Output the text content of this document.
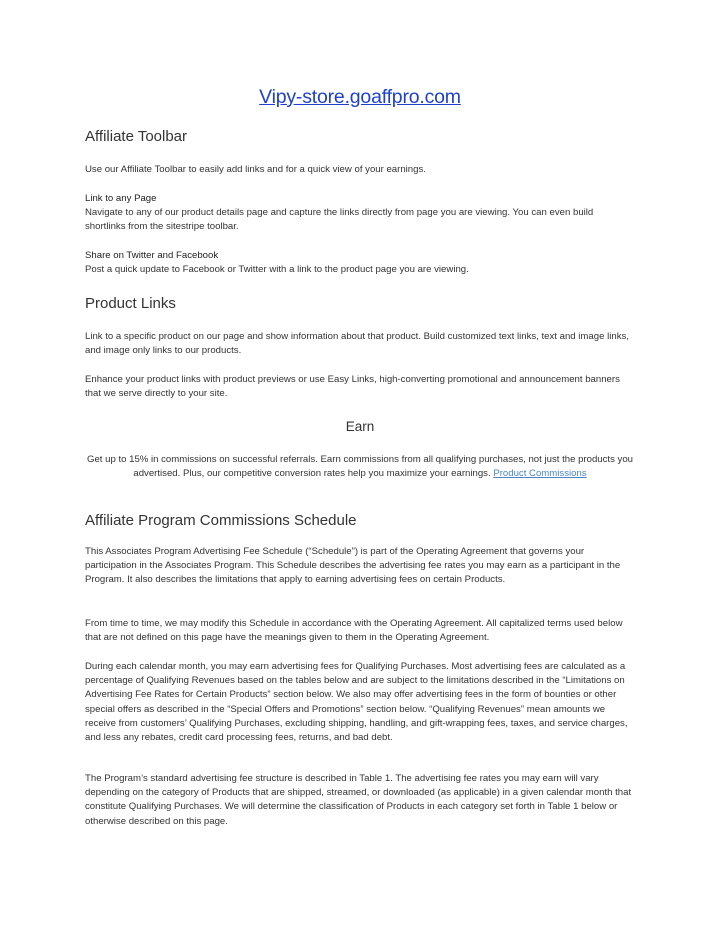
Vipy-store.goaffpro.com
Affiliate Toolbar

Use our Affiliate Toolbar to easily add links and for a quick view of your earnings.

Link to any Page

Navigate to any of our product details page and capture the links directly from page you are viewing. You can even build shortlinks from the sitestripe toolbar.

Share on Twitter and Facebook

Post a quick update to Facebook or Twitter with a link to the product page you are viewing.

Product Links

Link to a specific product on our page and show information about that product. Build customized text links, text and image links, and image only links to our products.

Enhance your product links with product previews or use Easy Links, high-converting promotional and announcement banners that we serve directly to your site.

Earn
Get up to 15% in commissions on successful referrals. Earn commissions from all qualifying purchases, not just the products you advertised. Plus, our competitive conversion rates help you maximize your earnings. Product Commissions
Affiliate Program Commissions Schedule

This Associates Program Advertising Fee Schedule (“Schedule”) is part of the Operating Agreement that governs your participation in the Associates Program. This Schedule describes the advertising fee rates you may earn as a participant in the Program. It also describes the limitations that apply to earning advertising fees on certain Products.

From time to time, we may modify this Schedule in accordance with the Operating Agreement. All capitalized terms used below that are not defined on this page have the meanings given to them in the Operating Agreement.

During each calendar month, you may earn advertising fees for Qualifying Purchases. Most advertising fees are calculated as a percentage of Qualifying Revenues based on the tables below and are subject to the limitations described in the “Limitations on Advertising Fee Rates for Certain Products” section below. We also may offer advertising fees in the form of bounties or other special offers as described in the “Special Offers and Promotions” section below. “Qualifying Revenues” mean amounts we receive from customers’ Qualifying Purchases, excluding shipping, handling, and gift-wrapping fees, taxes, and service charges, and less any rebates, credit card processing fees, returns, and bad debt.

The Program’s standard advertising fee structure is described in Table 1. The advertising fee rates you may earn will vary depending on the category of Products that are shipped, streamed, or downloaded (as applicable) in a given calendar month that constitute Qualifying Purchases. We will determine the classification of Products in each category set forth in Table 1 below or otherwise described on this page.
